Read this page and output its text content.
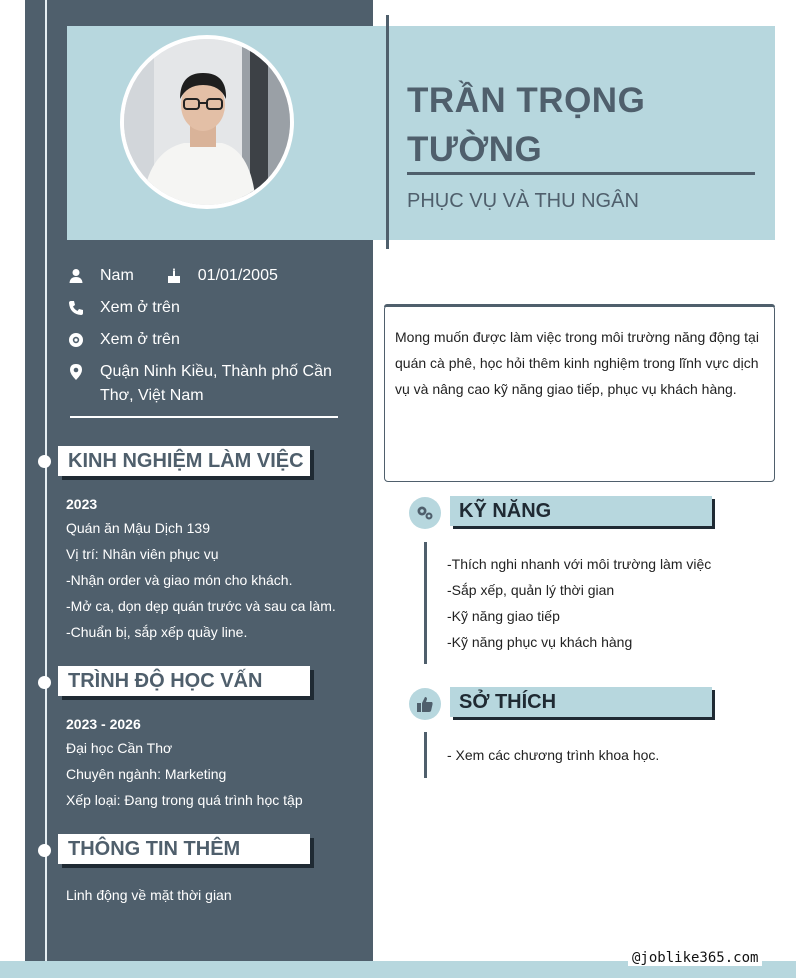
TRẦN TRỌNG
TƯỜNG
PHỤC VỤ VÀ THU NGÂN
Nam	01/01/2005
Xem ở trên
Xem ở trên
Quận Ninh Kiều, Thành phố Cần
Thơ, Việt Nam
KINH NGHIỆM LÀM VIỆC
2023
Quán ăn Mậu Dịch 139
Vị trí: Nhân viên phục vụ
-Nhận order và giao món cho khách.
-Mở ca, dọn dẹp quán trước và sau ca làm.
-Chuẩn bị, sắp xếp quầy line.
TRÌNH ĐỘ HỌC VẤN
2023 - 2026
Đại học Cần Thơ
Chuyên ngành: Marketing
Xếp loại: Đang trong quá trình học tập
THÔNG TIN THÊM
Linh động về mặt thời gian
Mong muốn được làm việc trong môi trường năng động tại quán cà phê, học hỏi thêm kinh nghiệm trong lĩnh vực dịch vụ và nâng cao kỹ năng giao tiếp, phục vụ khách hàng.
KỸ NĂNG
-Thích nghi nhanh với môi trường làm việc
-Sắp xếp, quản lý thời gian
-Kỹ năng giao tiếp
-Kỹ năng phục vụ khách hàng
SỞ THÍCH
- Xem các chương trình khoa học.
@joblike365.com
